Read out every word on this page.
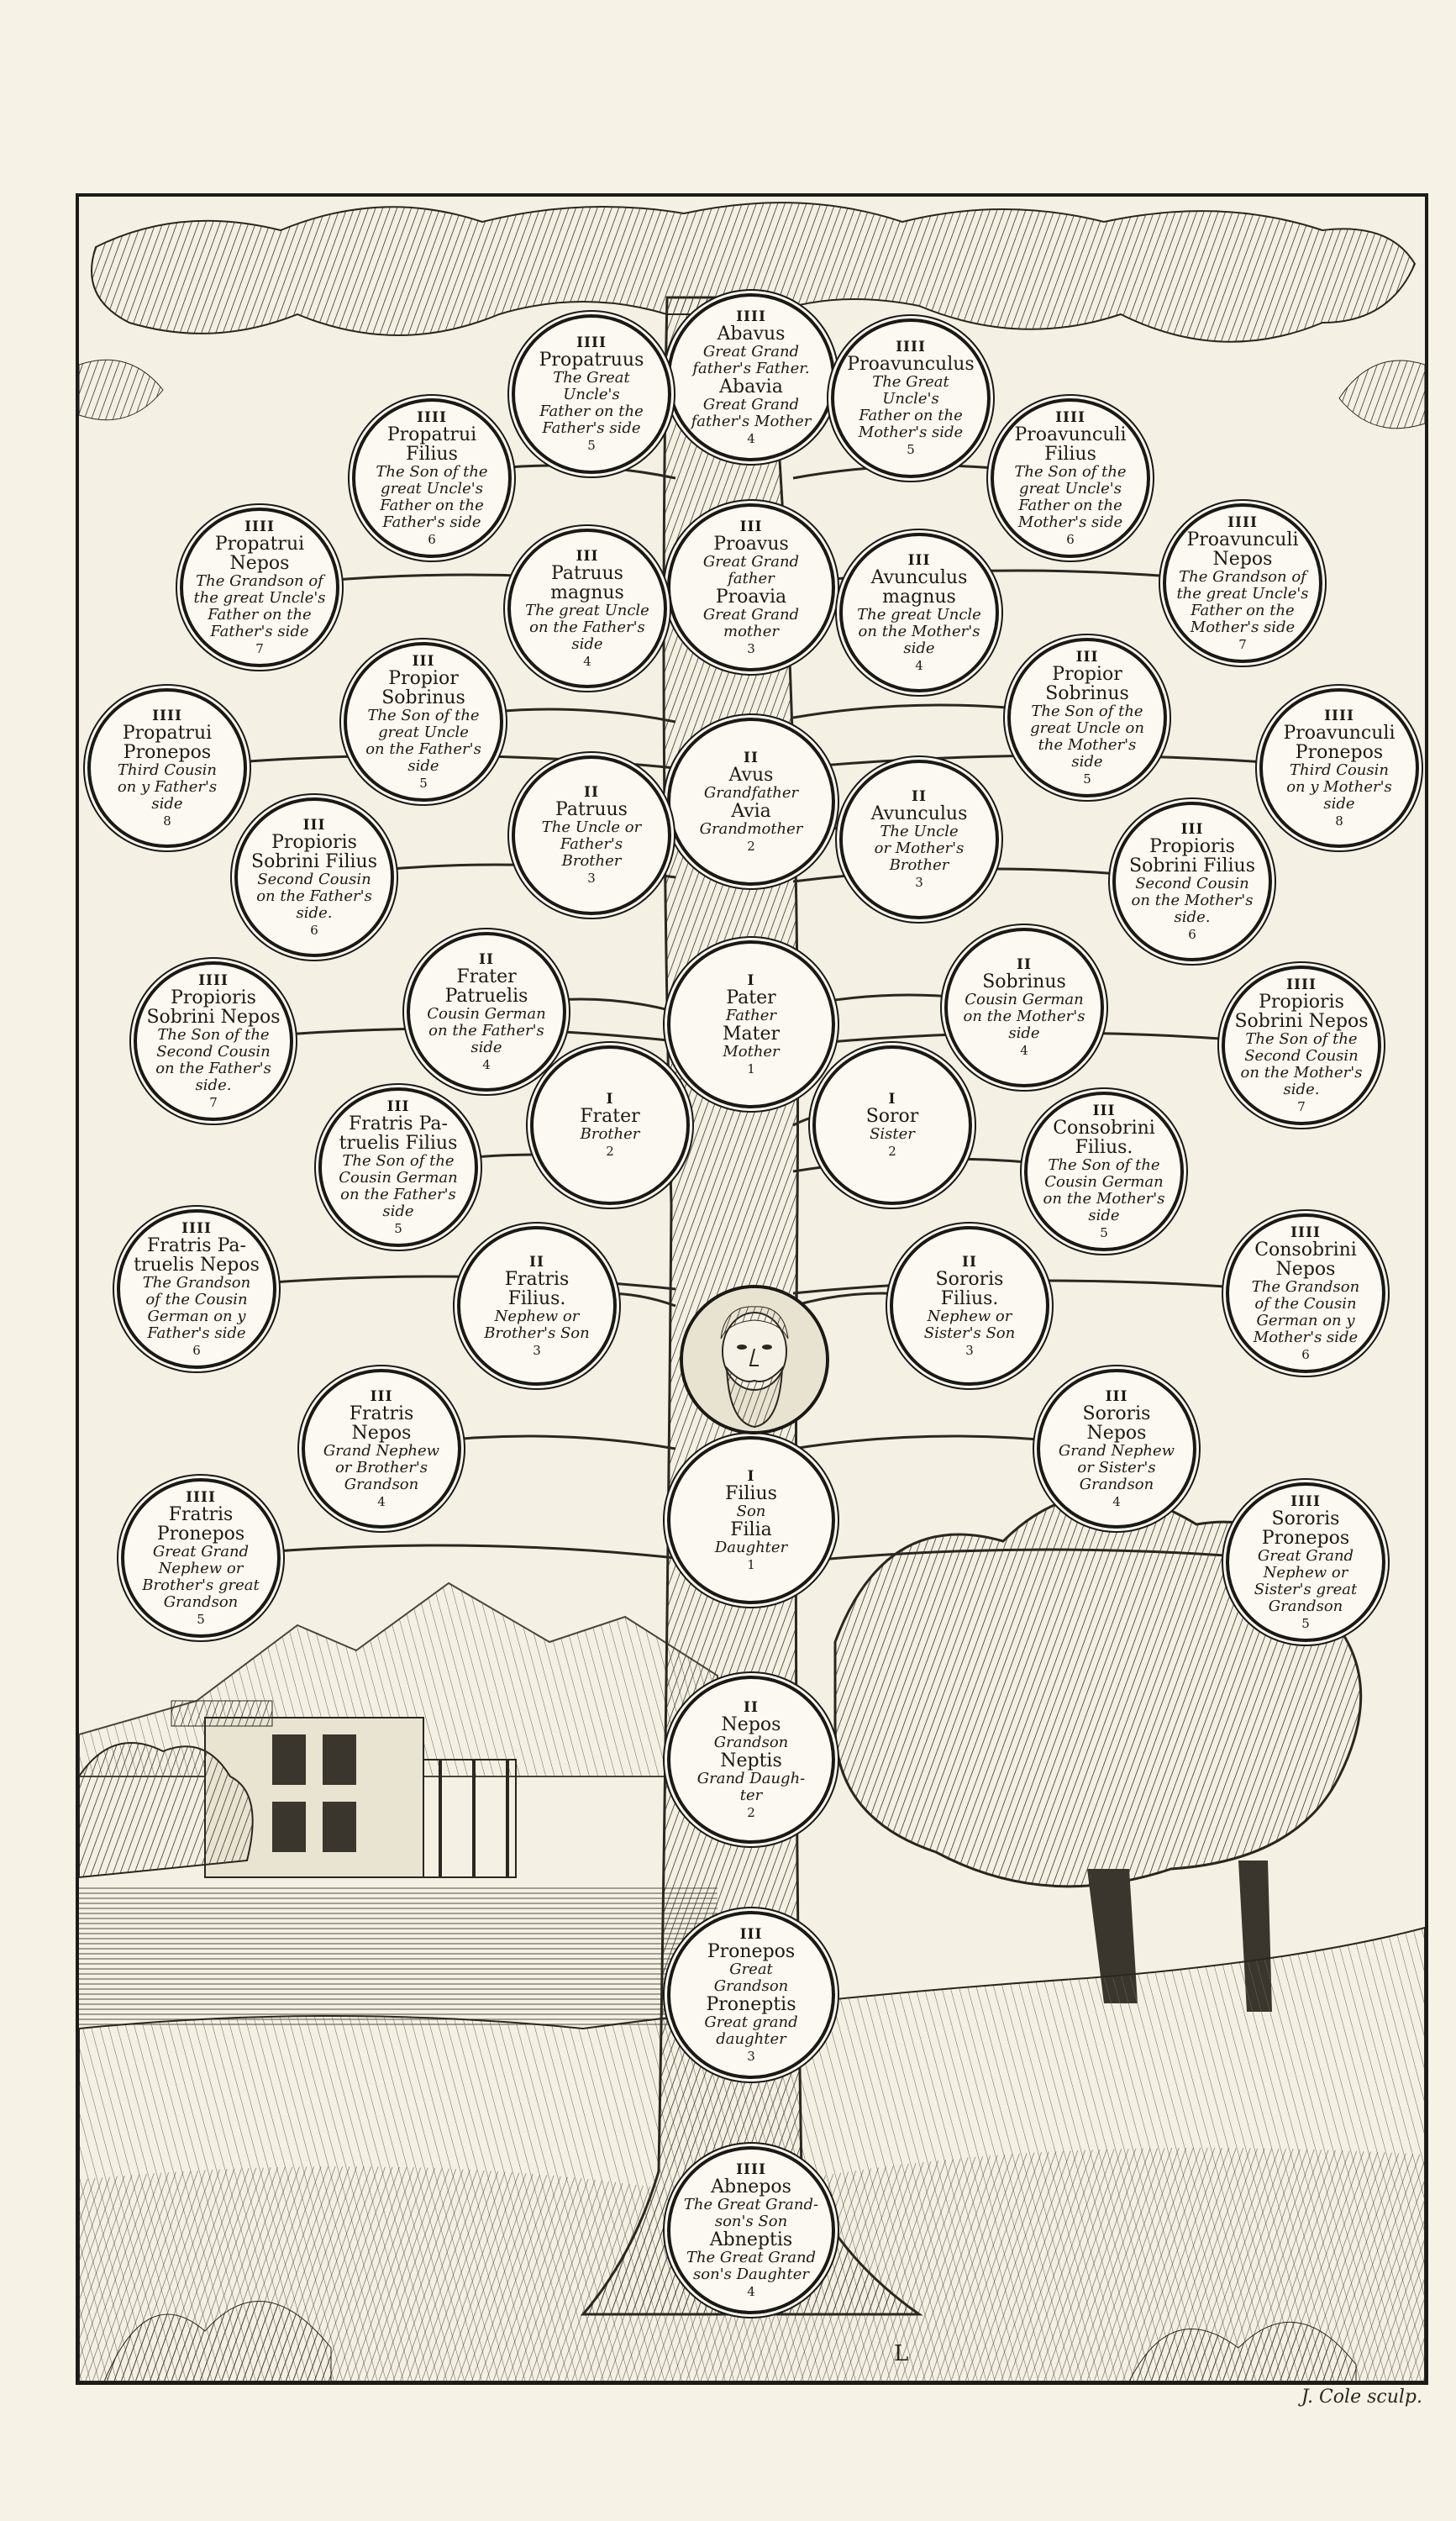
L
IIII
Abavus
Great Grand
father's Father.
Abavia
Great Grand
father's Mother
4
IIII
Propatruus
The Great Uncle's
Father on the
Father's side
5
IIII
Proavunculus
The Great Uncle's
Father on the
Mother's side
5
IIII
Propatrui
Filius
The Son of the
great Uncle's
Father on the
Father's side
6
IIII
Proavunculi
Filius
The Son of the
great Uncle's
Father on the
Mother's side
6
IIII
Propatrui
Nepos
The Grandson of
the great Uncle's
Father on the
Father's side
7
IIII
Proavunculi
Nepos
The Grandson of
the great Uncle's
Father on the
Mother's side
7
III
Proavus
Great Grand
father
Proavia
Great Grand
mother
3
III
Patruus
magnus
The great Uncle
on the Father's
side
4
III
Avunculus
magnus
The great Uncle
on the Mother's
side
4
IIII
Propatrui
Pronepos
Third Cousin
on y Father's
side
8
III
Propior
Sobrinus
The Son of the
great Uncle
on the Father's
side
5
III
Propior
Sobrinus
The Son of the
great Uncle on
the Mother's
side
5
IIII
Proavunculi
Pronepos
Third Cousin
on y Mother's
side
8
II
Avus
Grandfather
Avia
Grandmother
2
II
Patruus
The Uncle or
Father's
Brother
3
II
Avunculus
The Uncle
or Mother's
Brother
3
III
Propioris
Sobrini Filius
Second Cousin
on the Father's
side.
6
III
Propioris
Sobrini Filius
Second Cousin
on the Mother's
side.
6
I
Pater
Father
Mater
Mother
1
II
Frater
Patruelis
Cousin German
on the Father's
side
4
II
Sobrinus
Cousin German
on the Mother's
side
4
IIII
Propioris
Sobrini Nepos
The Son of the
Second Cousin
on the Father's
side.
7
IIII
Propioris
Sobrini Nepos
The Son of the
Second Cousin
on the Mother's
side.
7
I
Frater
Brother
2
I
Soror
Sister
2
III
Fratris Pa-
truelis Filius
The Son of the
Cousin German
on the Father's
side
5
III
Consobrini
Filius.
The Son of the
Cousin German
on the Mother's
side
5
IIII
Fratris Pa-
truelis Nepos
The Grandson
of the Cousin
German on y
Father's side
6
IIII
Consobrini
Nepos
The Grandson
of the Cousin
German on y
Mother's side
6
II
Fratris
Filius.
Nephew or
Brother's Son
3
II
Sororis
Filius.
Nephew or
Sister's Son
3
I
Filius
Son
Filia
Daughter
1
III
Fratris
Nepos
Grand Nephew
or Brother's
Grandson
4
III
Sororis
Nepos
Grand Nephew
or Sister's
Grandson
4
IIII
Fratris
Pronepos
Great Grand
Nephew or
Brother's great
Grandson
5
IIII
Sororis
Pronepos
Great Grand
Nephew or
Sister's great
Grandson
5
II
Nepos
Grandson
Neptis
Grand Daugh-
ter
2
III
Pronepos
Great
Grandson
Proneptis
Great grand
daughter
3
IIII
Abnepos
The Great Grand-
son's Son
Abneptis
The Great Grand
son's Daughter
4
J. Cole sculp.
